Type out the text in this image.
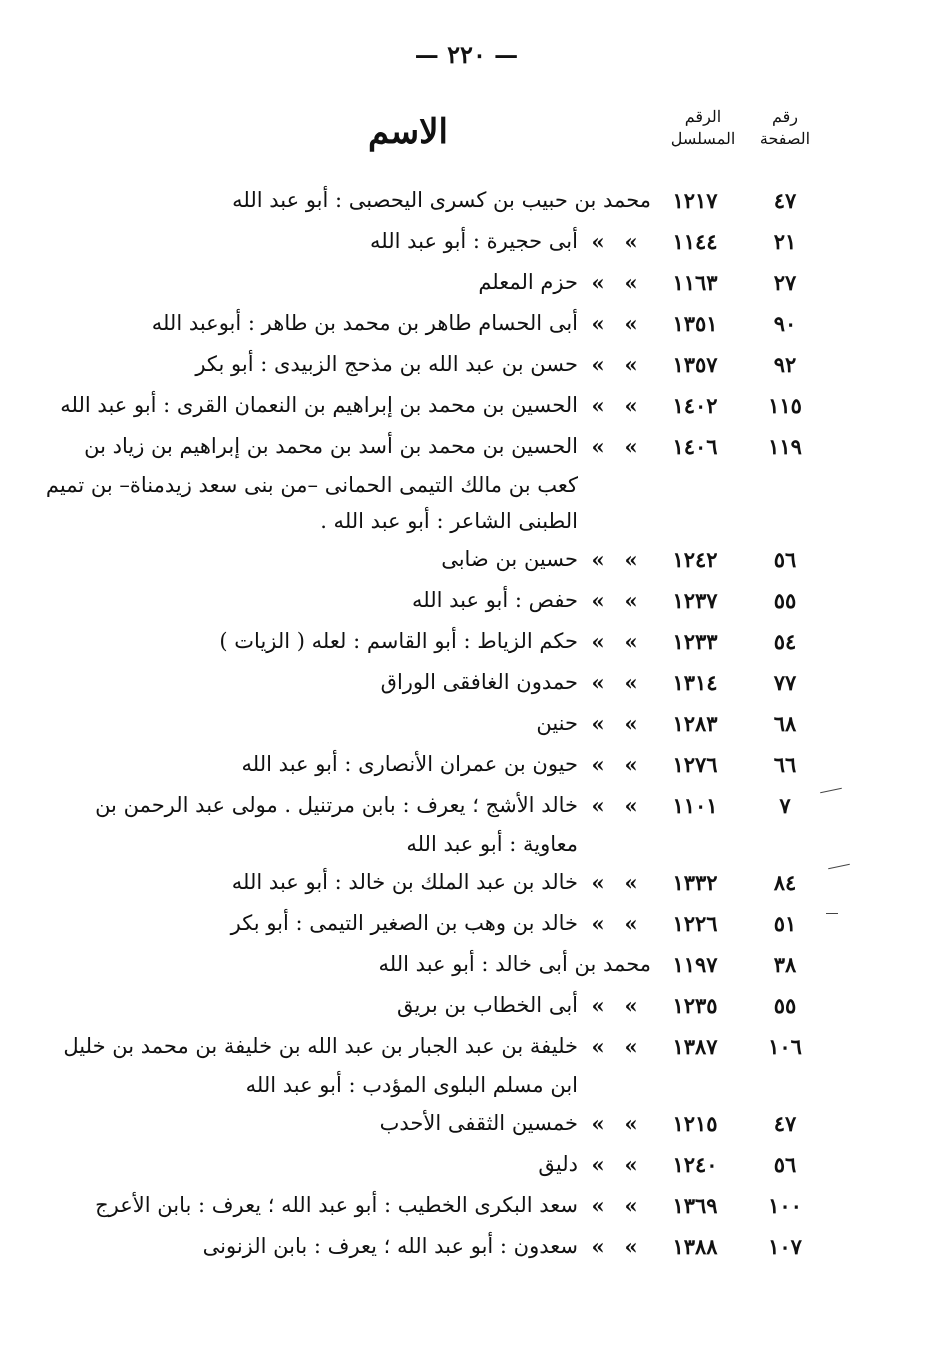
— ٢٢٠ —
رقم
الصفحة
الرقم
المسلسل
الاسم
٤٧
١٢١٧
محمد بن حبيب بن كسرى اليحصبى : أبو عبد الله
٢١
١١٤٤
»
»
أبى حجيرة : أبو عبد الله
٢٧
١١٦٣
»
»
حزم المعلم
٩٠
١٣٥١
»
»
أبى الحسام طاهر بن محمد بن طاهر : أبوعبد الله
٩٢
١٣٥٧
»
»
حسن بن عبد الله بن مذحج الزبيدى : أبو بكر
١١٥
١٤٠٢
»
»
الحسين بن محمد بن إبراهيم بن النعمان القرى : أبو عبد الله
١١٩
١٤٠٦
»
»
الحسين بن محمد بن أسد بن محمد بن إبراهيم بن زياد بن
كعب بن مالك التيمى الحمانى –من بنى سعد زيدمناة– بن تميم
الطبنى الشاعر : أبو عبد الله .
٥٦
١٢٤٢
»
»
حسين بن ضابى
٥٥
١٢٣٧
»
»
حفص : أبو عبد الله
٥٤
١٢٣٣
»
»
حكم الزياط : أبو القاسم : لعله ( الزيات )
٧٧
١٣١٤
»
»
حمدون الغافقى الوراق
٦٨
١٢٨٣
»
»
حنين
٦٦
١٢٧٦
»
»
حيون بن عمران الأنصارى : أبو عبد الله
٧
١١٠١
»
»
خالد الأشج ؛ يعرف : بابن مرتنيل . مولى عبد الرحمن بن
معاوية : أبو عبد الله
٨٤
١٣٣٢
»
»
خالد بن عبد الملك بن خالد : أبو عبد الله
٥١
١٢٢٦
»
»
خالد بن وهب بن الصغير التيمى : أبو بكر
٣٨
١١٩٧
محمد بن أبى خالد : أبو عبد الله
٥٥
١٢٣٥
»
»
أبى الخطاب بن بريق
١٠٦
١٣٨٧
»
»
خليفة بن عبد الجبار بن عبد الله بن خليفة بن محمد بن خليل
ابن مسلم البلوى المؤدب : أبو عبد الله
٤٧
١٢١٥
»
»
خمسين الثقفى الأحدب
٥٦
١٢٤٠
»
»
دليق
١٠٠
١٣٦٩
»
»
سعد البكرى الخطيب : أبو عبد الله ؛ يعرف : بابن الأعرج
١٠٧
١٣٨٨
»
»
سعدون : أبو عبد الله ؛ يعرف : بابن الزنونى
